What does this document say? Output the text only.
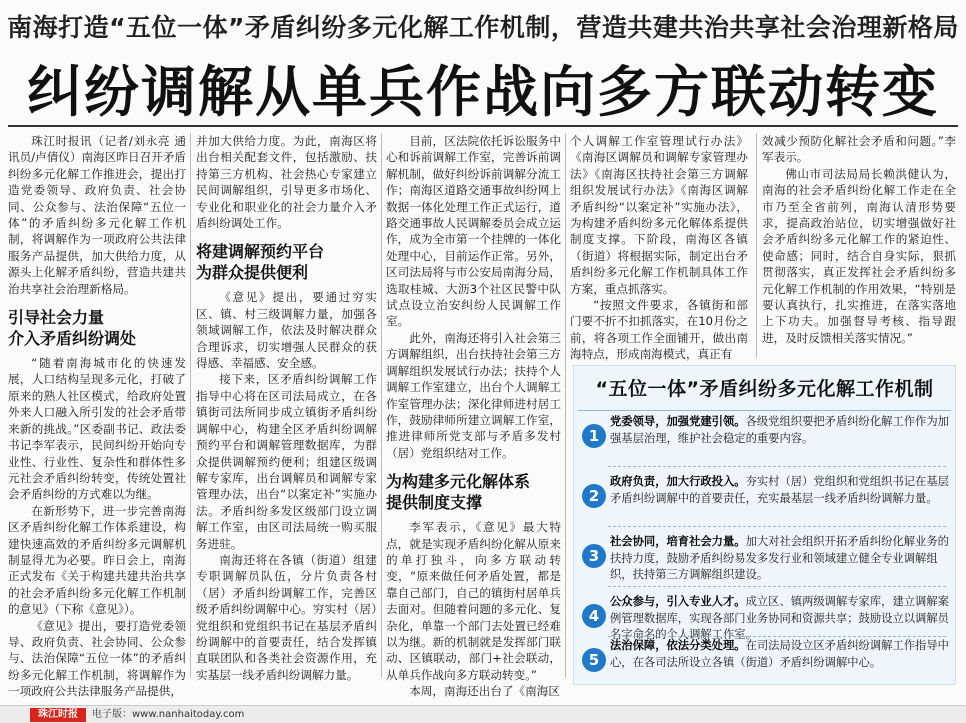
南海打造“五位一体”矛盾纠纷多元化解工作机制，营造共建共治共享社会治理新格局
纠纷调解从单兵作战向多方联动转变

珠江时报讯（记者/刘永亮 通讯员/卢倩仪）南海区昨日召开矛盾纠纷多元化解工作推进会，提出打造党委领导、政府负责、社会协同、公众参与、法治保障“五位一体”的矛盾纠纷多元化解工作机制，将调解作为一项政府公共法律服务产品提供，加大供给力度，从源头上化解矛盾纠纷，营造共建共治共享社会治理新格局。

引导社会力量
介入矛盾纠纷调处

“随着南海城市化的快速发展，人口结构呈现多元化，打破了原来的熟人社区模式，给政府处置外来人口融入所引发的社会矛盾带来新的挑战。”区委副书记、政法委书记李军表示，民间纠纷开始向专业性、行业性、复杂性和群体性多元社会矛盾纠纷转变，传统处置社会矛盾纠纷的方式难以为继。

在新形势下，进一步完善南海区矛盾纠纷化解工作体系建设，构建快速高效的矛盾纠纷多元调解机制显得尤为必要。昨日会上，南海正式发布《关于构建共建共治共享的社会矛盾纠纷多元化解工作机制的意见》（下称《意见》）。

《意见》提出，要打造党委领导、政府负责、社会协同、公众参与、法治保障“五位一体”的矛盾纠纷多元化解工作机制，将调解作为一项政府公共法律服务产品提供，

并加大供给力度。为此，南海区将出台相关配套文件，包括激励、扶持第三方机构、社会热心专家建立民间调解组织，引导更多市场化、专业化和职业化的社会力量介入矛盾纠纷调处工作。

将建调解预约平台
为群众提供便利

《意见》提出，要通过穷实区、镇、村三级调解力量，加强各领域调解工作，依法及时解决群众合理诉求，切实增强人民群众的获得感、幸福感、安全感。

接下来，区矛盾纠纷调解工作指导中心将在区司法局成立，在各镇街司法所同步成立镇街矛盾纠纷调解中心，构建全区矛盾纠纷调解预约平台和调解管理数据库，为群众提供调解预约便利；组建区级调解专家库，出台调解员和调解专家管理办法，出台“以案定补”实施办法。矛盾纠纷多发区级部门设立调解工作室，由区司法局统一购买服务进驻。

南海还将在各镇（街道）组建专职调解员队伍，分片负责各村（居）矛盾纠纷调解工作，完善区级矛盾纠纷调解中心。穷实村（居）党组织和党组织书记在基层矛盾纠纷调解中的首要责任，结合发挥镇直联团队和各类社会资源作用，充实基层一线矛盾纠纷调解力量。

目前，区法院依托诉讼服务中心和诉前调解工作室，完善诉前调解机制，做好纠纷诉前调解分流工作；南海区道路交通事故纠纷网上数据一体化处理工作正式运行，道路交通事故人民调解委员会成立运作，成为全市第一个挂牌的一体化处理中心，目前运作正常。另外，区司法局将与市公安局南海分局，选取桂城、大沥3个社区民警中队试点设立治安纠纷人民调解工作室。

此外，南海还将引入社会第三方调解组织，出台扶持社会第三方调解组织发展试行办法；扶持个人调解工作室建立，出台个人调解工作室管理办法；深化律师进村居工作，鼓励律师所建立调解工作室，推进律师所党支部与矛盾多发村（居）党组织结对工作。

为构建多元化解体系
提供制度支撑

李军表示，《意见》最大特点，就是实现矛盾纠纷化解从原来的单打独斗，向多方联动转变，“原来做任何矛盾处置，都是靠自己部门，自己的镇街村居单兵去面对。但随着问题的多元化、复杂化，单靠一个部门去处置已经难以为继。新的机制就是发挥部门联动、区镇联动，部门+社会联动，从单兵作战向多方联动转变。”

本周，南海还出台了《南海区

个人调解工作室管理试行办法》《南海区调解员和调解专家管理办法》《南海区扶持社会第三方调解组织发展试行办法》《南海区调解矛盾纠纷“以案定补”实施办法》，为构建矛盾纠纷多元化解体系提供制度支撑。下阶段，南海区各镇（街道）将根据实际，制定出台矛盾纠纷多元化解工作机制具体工作方案，重点抓落实。

“按照文件要求，各镇街和部门要不折不扣抓落实，在10月份之前，将各项工作全面铺开，做出南海特点，形成南海模式，真正有

效减少预防化解社会矛盾和问题。”李军表示。

佛山市司法局局长赖洪健认为，南海的社会矛盾纠纷化解工作走在全市乃至全省前列，南海认清形势要求，提高政治站位，切实增强做好社会矛盾纠纷多元化解工作的紧迫性、使命感；同时，结合自身实际，狠抓贯彻落实，真正发挥社会矛盾纠纷多元化解工作机制的作用效果，“特别是要认真执行，扎实推进，在落实落地上下功夫。加强督导考核、指导跟进，及时反馈相关落实情况。”

“五位一体”矛盾纠纷多元化解工作机制
1
党委领导，加强党建引领。各级党组织要把矛盾纠纷化解工作作为加强基层治理，维护社会稳定的重要内容。
2
政府负责，加大行政投入。夯实村（居）党组织和党组织书记在基层矛盾纠纷调解中的首要责任，充实最基层一线矛盾纠纷调解力量。
3
社会协同，培育社会力量。加大对社会组织开拓矛盾纠纷化解业务的扶持力度，鼓励矛盾纠纷易发多发行业和领域建立健全专业调解组织，扶持第三方调解组织建设。
4
公众参与，引入专业人才。成立区、镇两级调解专家库，建立调解案例管理数据库，实现各部门业务协同和资源共享；鼓励设立以调解员名字命名的个人调解工作室。
5
法治保障，依法分类处理。在司法局设立区矛盾纠纷调解工作指导中心，在各司法所设立各镇（街道）矛盾纠纷调解中心。
珠江时报	电子版：www.nanhaitoday.com
